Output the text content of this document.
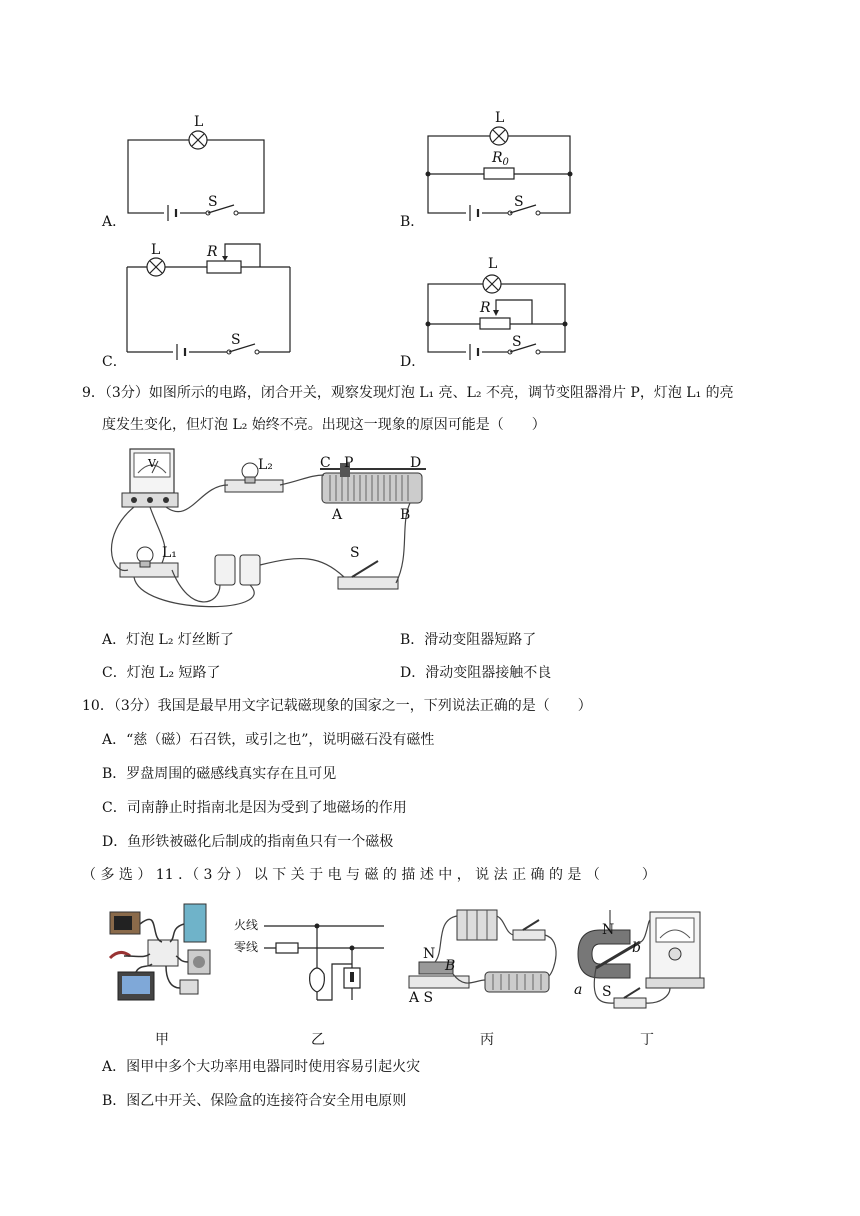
L
S
A．
L
$R_0$
S
B．
L	R
S
C．
L
R
S
D．
9．（3分）如图所示的电路，闭合开关，观察发现灯泡 L₁ 亮、L₂ 不亮，调节变阻器滑片 P，灯泡 L₁ 的亮
度发生变化，但灯泡 L₂ 始终不亮。出现这一现象的原因可能是（　　）
V	L₂	C P	D
A	B
L₁	S
A．灯泡 L₂ 灯丝断了	B．滑动变阻器短路了
C．灯泡 L₂ 短路了	D．滑动变阻器接触不良
10．（3分）我国是最早用文字记载磁现象的国家之一，下列说法正确的是（　　）
A．“慈（磁）石召铁，或引之也”，说明磁石没有磁性
B．罗盘周围的磁感线真实存在且可见
C．司南静止时指南北是因为受到了地磁场的作用
D．鱼形铁被磁化后制成的指南鱼只有一个磁极
（ 多 选 ） 11 ．（ 3 分 ） 以 下 关 于 电 与 磁 的 描 述 中 ， 说 法 正 确 的 是 （　　　）
甲
火线
零线
乙
N
B
A S
丙
N
b
a S
丁
A．图甲中多个大功率用电器同时使用容易引起火灾
B．图乙中开关、保险盒的连接符合安全用电原则
